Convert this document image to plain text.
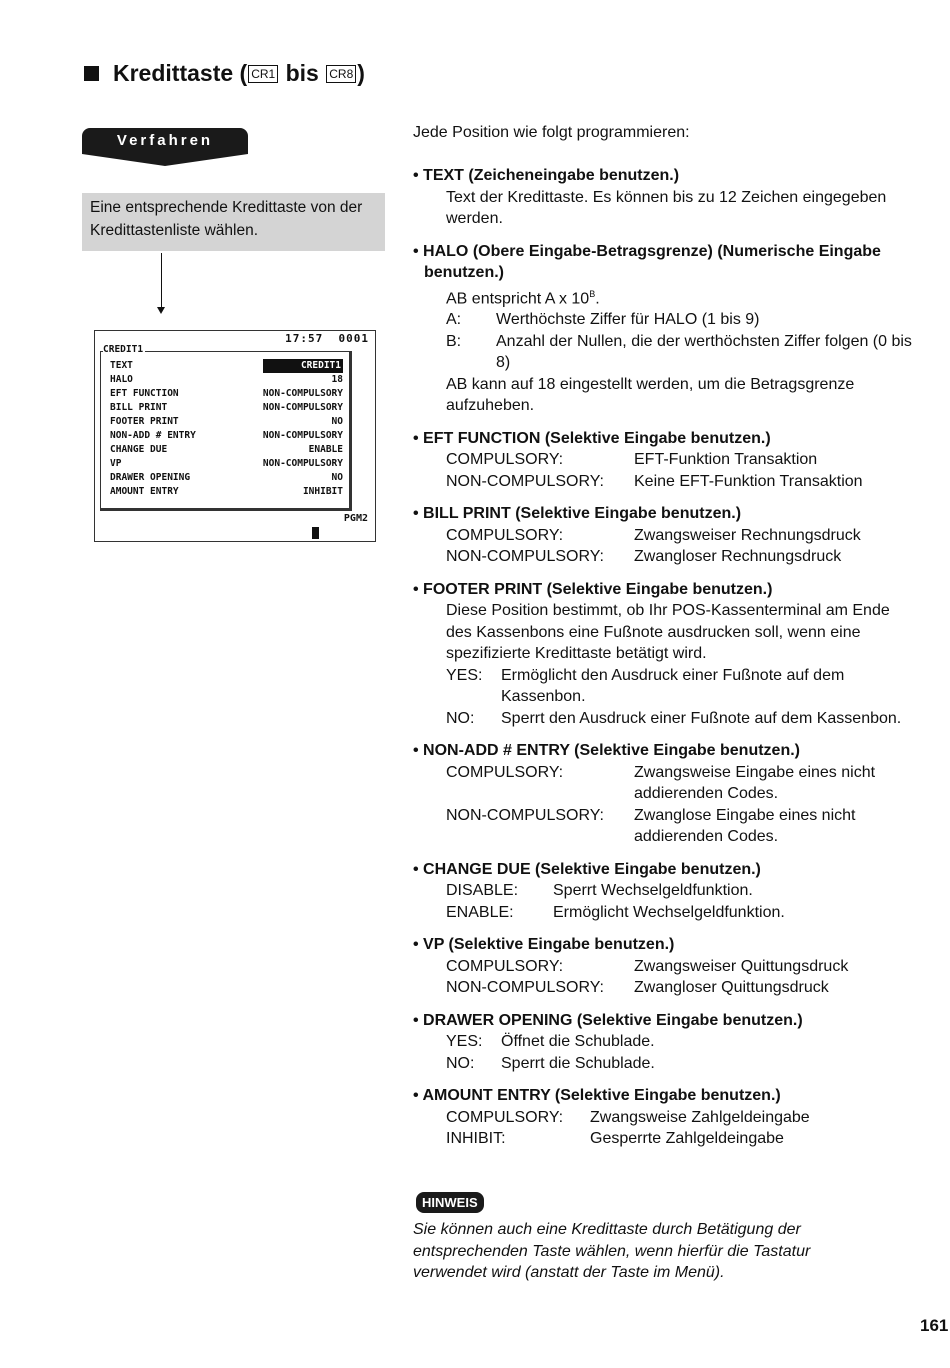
Kredittaste ( CR1 bis CR8 )
Verfahren
Eine entsprechende Kredittaste von der Kredittastenliste wählen.
17:57 0001
CREDIT1
TEXT	CREDIT1
HALO	18
EFT FUNCTION	NON-COMPULSORY
BILL PRINT	NON-COMPULSORY
FOOTER PRINT	NO
NON-ADD # ENTRY	NON-COMPULSORY
CHANGE DUE	ENABLE
VP	NON-COMPULSORY
DRAWER OPENING	NO
AMOUNT ENTRY	INHIBIT
PGM2
Jede Position wie folgt programmieren:
• TEXT (Zeicheneingabe benutzen.)
Text der Kredittaste. Es können bis zu 12 Zeichen eingegeben werden.
• HALO (Obere Eingabe-Betragsgrenze) (Numerische Eingabe benutzen.)
AB entspricht A x $10^B$.
A:	Werthöchste Ziffer für HALO (1 bis 9)
B:	Anzahl der Nullen, die der werthöchsten Ziffer folgen (0 bis 8)
AB kann auf 18 eingestellt werden, um die Betragsgrenze aufzuheben.
• EFT FUNCTION (Selektive Eingabe benutzen.)
COMPULSORY:	EFT-Funktion Transaktion
NON-COMPULSORY:	Keine EFT-Funktion Transaktion
• BILL PRINT (Selektive Eingabe benutzen.)
COMPULSORY:	Zwangsweiser Rechnungsdruck
NON-COMPULSORY:	Zwangloser Rechnungsdruck
• FOOTER PRINT (Selektive Eingabe benutzen.)
Diese Position bestimmt, ob Ihr POS-Kassenterminal am Ende des Kassenbons eine Fußnote ausdrucken soll, wenn eine spezifizierte Kredittaste betätigt wird.
YES:	Ermöglicht den Ausdruck einer Fußnote auf dem Kassenbon.
NO:	Sperrt den Ausdruck einer Fußnote auf dem Kassenbon.
• NON-ADD # ENTRY (Selektive Eingabe benutzen.)
COMPULSORY:	Zwangsweise Eingabe eines nicht addierenden Codes.
NON-COMPULSORY:	Zwanglose Eingabe eines nicht addierenden Codes.
• CHANGE DUE (Selektive Eingabe benutzen.)
DISABLE:	Sperrt Wechselgeldfunktion.
ENABLE:	Ermöglicht Wechselgeldfunktion.
• VP (Selektive Eingabe benutzen.)
COMPULSORY:	Zwangsweiser Quittungsdruck
NON-COMPULSORY:	Zwangloser Quittungsdruck
• DRAWER OPENING (Selektive Eingabe benutzen.)
YES:	Öffnet die Schublade.
NO:	Sperrt die Schublade.
• AMOUNT ENTRY (Selektive Eingabe benutzen.)
COMPULSORY:	Zwangsweise Zahlgeldeingabe
INHIBIT:	Gesperrte Zahlgeldeingabe
HINWEIS
Sie können auch eine Kredittaste durch Betätigung der entsprechenden Taste wählen, wenn hierfür die Tastatur verwendet wird (anstatt der Taste im Menü).
161
